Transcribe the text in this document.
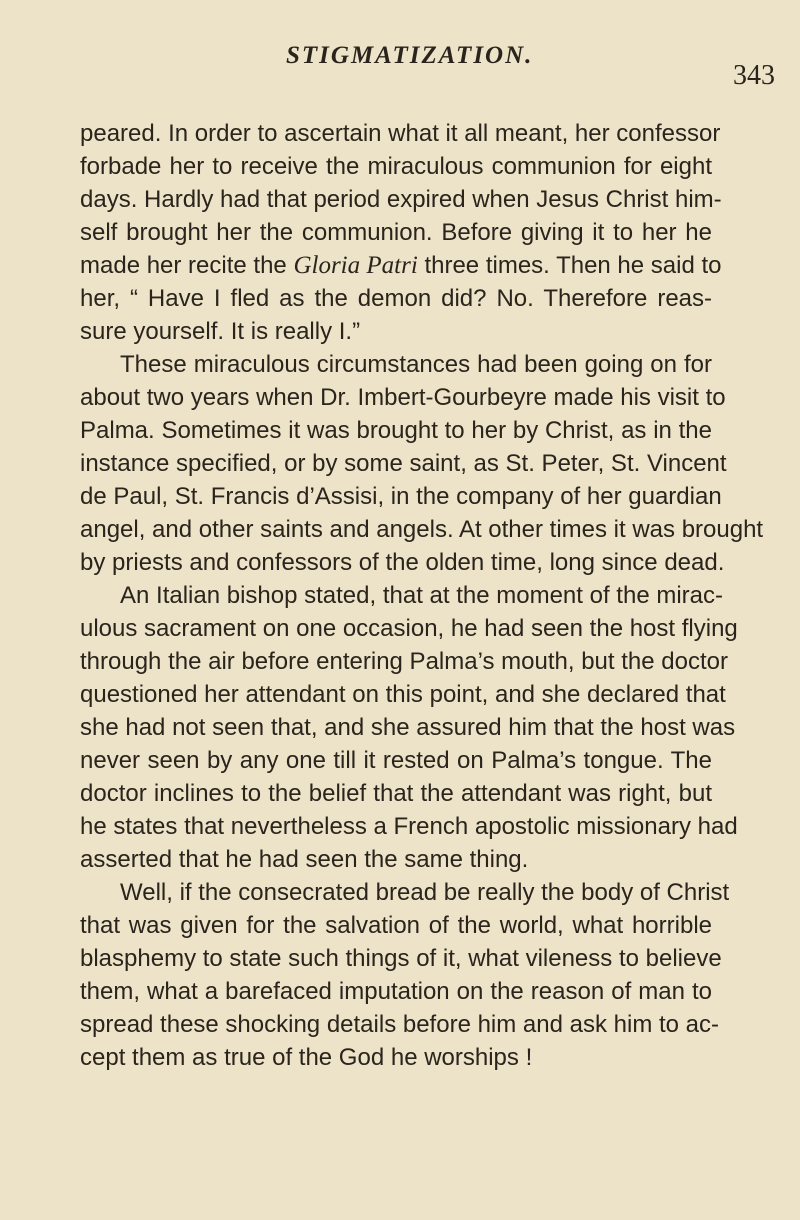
STIGMATIZATION.
343
peared. In order to ascertain what it all meant, her confessor
forbade her to receive the miraculous communion for eight
days. Hardly had that period expired when Jesus Christ him-
self brought her the communion. Before giving it to her he
made her recite the Gloria Patri three times. Then he said to
her, “ Have I fled as the demon did? No. Therefore reas-
sure yourself. It is really I.”
These miraculous circumstances had been going on for
about two years when Dr. Imbert-Gourbeyre made his visit to
Palma. Sometimes it was brought to her by Christ, as in the
instance specified, or by some saint, as St. Peter, St. Vincent
de Paul, St. Francis d’Assisi, in the company of her guardian
angel, and other saints and angels. At other times it was brought
by priests and confessors of the olden time, long since dead.
An Italian bishop stated, that at the moment of the mirac-
ulous sacrament on one occasion, he had seen the host flying
through the air before entering Palma’s mouth, but the doctor
questioned her attendant on this point, and she declared that
she had not seen that, and she assured him that the host was
never seen by any one till it rested on Palma’s tongue. The
doctor inclines to the belief that the attendant was right, but
he states that nevertheless a French apostolic missionary had
asserted that he had seen the same thing.
Well, if the consecrated bread be really the body of Christ
that was given for the salvation of the world, what horrible
blasphemy to state such things of it, what vileness to believe
them, what a barefaced imputation on the reason of man to
spread these shocking details before him and ask him to ac-
cept them as true of the God he worships !
